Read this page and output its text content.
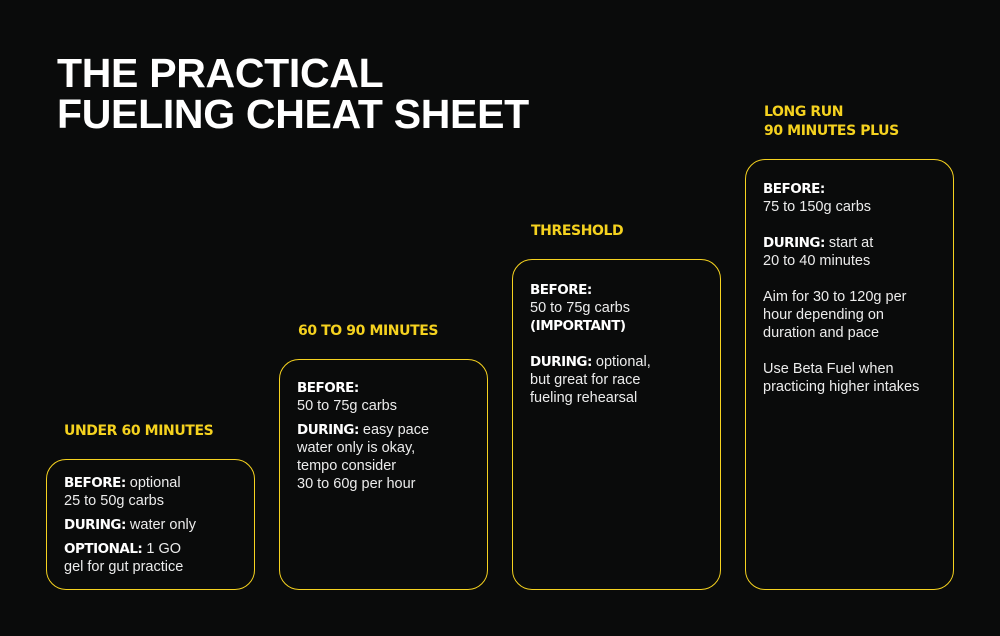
THE PRACTICAL
FUELING CHEAT SHEET
UNDER 60 MINUTES

BEFORE: optional
25 to 50g carbs

DURING: water only

OPTIONAL: 1 GO
gel for gut practice

60 TO 90 MINUTES

BEFORE:
50 to 75g carbs

DURING: easy pace
water only is okay,
tempo consider
30 to 60g per hour

THRESHOLD

BEFORE:
50 to 75g carbs
(IMPORTANT)

DURING: optional,
but great for race
fueling rehearsal

LONG RUN
90 MINUTES PLUS

BEFORE:
75 to 150g carbs

DURING: start at
20 to 40 minutes

Aim for 30 to 120g per
hour depending on
duration and pace

Use Beta Fuel when
practicing higher intakes
